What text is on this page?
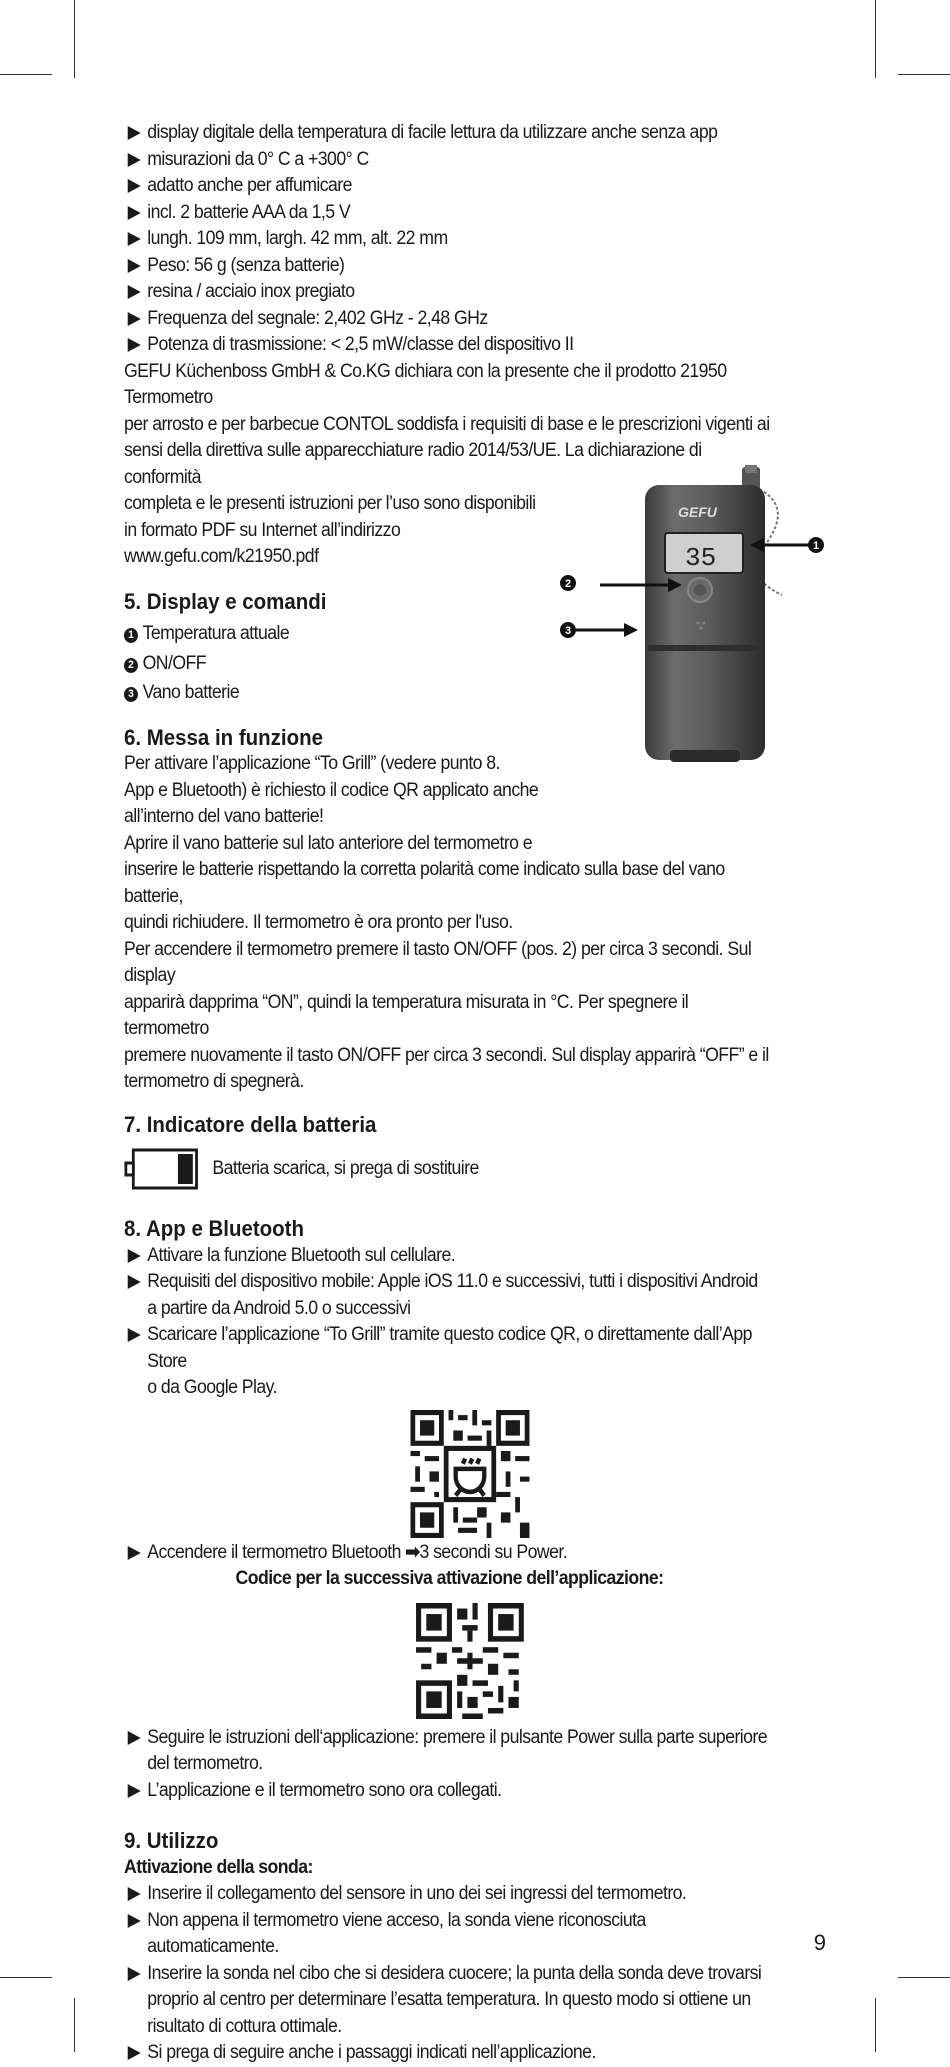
GEFU
35	1
2
3
display digitale della temperatura di facile lettura da utilizzare anche senza app
misurazioni da 0° C a +300° C
adatto anche per affumicare
incl. 2 batterie AAA da 1,5 V
lungh. 109 mm, largh. 42 mm, alt. 22 mm
Peso: 56 g (senza batterie)
resina / acciaio inox pregiato
Frequenza del segnale: 2,402 GHz - 2,48 GHz
Potenza di trasmissione: < 2,5 mW/classe del dispositivo II
GEFU Küchenboss GmbH & Co.KG dichiara con la presente che il prodotto 21950 Termometro
per arrosto e per barbecue CONTOL soddisfa i requisiti di base e le prescrizioni vigenti ai
sensi della direttiva sulle apparecchiature radio 2014/53/UE. La dichiarazione di conformità
completa e le presenti istruzioni per l’uso sono disponibili
in formato PDF su Internet all’indirizzo
www.gefu.com/k21950.pdf
5. Display e comandi
1 Temperatura attuale
2 ON/OFF
3 Vano batterie
6. Messa in funzione
Per attivare l’applicazione “To Grill” (vedere punto 8.
App e Bluetooth) è richiesto il codice QR applicato anche
all’interno del vano batterie!
Aprire il vano batterie sul lato anteriore del termometro e
inserire le batterie rispettando la corretta polarità come indicato sulla base del vano batterie,
quindi richiudere. Il termometro è ora pronto per l'uso.
Per accendere il termometro premere il tasto ON/OFF (pos. 2) per circa 3 secondi. Sul display
apparirà dapprima “ON”, quindi la temperatura misurata in °C. Per spegnere il termometro
premere nuovamente il tasto ON/OFF per circa 3 secondi. Sul display apparirà “OFF” e il
termometro di spegnerà.
7. Indicatore della batteria
Batteria scarica, si prega di sostituire
8. App e Bluetooth
Attivare la funzione Bluetooth sul cellulare.
Requisiti del dispositivo mobile: Apple iOS 11.0 e successivi, tutti i dispositivi Android
a partire da Android 5.0 o successivi
Scaricare l’applicazione “To Grill” tramite questo codice QR, o direttamente dall’App Store
o da Google Play.
Accendere il termometro Bluetooth ➡3 secondi su Power.
Codice per la successiva attivazione dell’applicazione:
Seguire le istruzioni dell‘applicazione: premere il pulsante Power sulla parte superiore
del termometro.
L’applicazione e il termometro sono ora collegati.
9. Utilizzo
Attivazione della sonda:
Inserire il collegamento del sensore in uno dei sei ingressi del termometro.
Non appena il termometro viene acceso, la sonda viene riconosciuta automaticamente.
Inserire la sonda nel cibo che si desidera cuocere; la punta della sonda deve trovarsi
proprio al centro per determinare l’esatta temperatura. In questo modo si ottiene un
risultato di cottura ottimale.
Si prega di seguire anche i passaggi indicati nell’applicazione.
9
